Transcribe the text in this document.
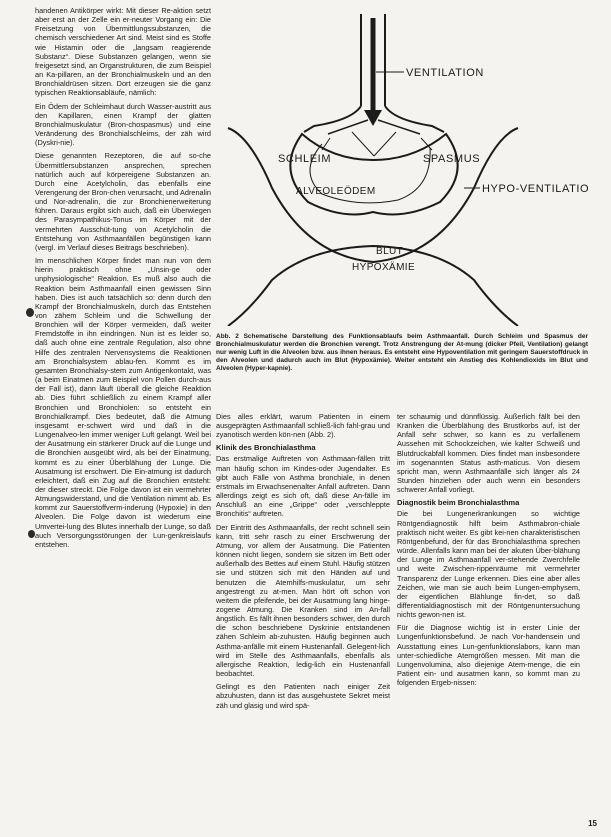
handenen Antikörper wirkt: Mit dieser Re-aktion setzt aber erst an der Zelle ein er-neuter Vorgang ein: Die Freisetzung von Übermittlungssubstanzen, die chemisch verschiedener Art sind. Meist sind es Stoffe wie Histamin oder die „langsam reagierende Substanz“. Diese Substanzen gelangen, wenn sie freigesetzt sind, an Organstrukturen, die zum Beispiel an Ka-pillaren, an der Bronchialmuskeln und an den Bronchialdrüsen sitzen. Dort erzeugen sie die ganz typischen Reaktionsabläufe, nämlich:

Ein Ödem der Schleimhaut durch Wasser-austritt aus den Kapillaren, einen Krampf der glatten Bronchialmuskulatur (Bron-chospasmus) und eine Veränderung des Bronchialschleims, der zäh wird (Dyskri-nie).

Diese genannten Rezeptoren, die auf so-che Übermittlersubstanzen ansprechen, sprechen natürlich auch auf körpereigene Substanzen an. Durch eine Acetylcholin, das ebenfalls eine Verengerung der Bron-chen verursacht, und Adrenalin und Nor-adrenalin, die zur Bronchienerweiterung führen. Daraus ergibt sich auch, daß ein Überwiegen des Parasympathikus-Tonus im Körper mit der vermehrten Ausschüt-tung von Acetylcholin die Entstehung von Asthmaanfällen begünstigen kann (vergl. im Verlauf dieses Beitrags beschrieben).

Im menschlichen Körper findet man nun von dem hierin praktisch ohne „Unsin-ge oder unphysiologische“ Reaktion. Es muß also auch die Reaktion beim Asthmaanfall einen gewissen Sinn haben. Dies ist auch tatsächlich so: denn durch den Krampf der Bronchialmuskeln, durch das Entstehen von zähem Schleim und die Schwellung der Bronchien will der Körper vermeiden, daß weiter Fremdstoffe in ihn eindringen. Nun ist es leider so, daß auch ohne eine zentrale Regulation, also ohne Hilfe des zentralen Nervensystems die Reaktionen am Bronchialsystem ablau-fen. Kommt es im gesamten Bronchialsy-stem zum Antigenkontakt, was (a beim Einatmen zum Beispiel von Pollen durch-aus der Fall ist), dann läuft überall die gleiche Reaktion ab. Dies führt schließlich zu einem Krampf aller Bronchien und Bronchiolen: so entsteht ein Bronchialkrampf. Dies bedeutet, daß die Atmung insgesamt er-schwert wird und daß in die Lungenalveo-len immer weniger Luft gelangt. Weil bei der Ausatmung ein stärkerer Druck auf die Lunge und die Bronchien ausgeübt wird, als bei der Einatmung, kommt es zu einer Überblähung der Lunge. Die Ausatmung ist erschwert. Die Ein-atmung ist dadurch erleichtert, daß ein Zug auf die Bronchien entsteht: der dieser streckt. Die Folge davon ist ein vermehrter Atmungswiderstand, und die Ventilation nimmt ab. Es kommt zur Sauerstoffverm-inderung (Hypoxie) in den Alveolen. Die Folge davon ist wiederum eine Umvertei-lung des Blutes innerhalb der Lunge, so daß auch Versorgungsstörungen der Lun-genkreislaufs entstehen.

VENTILATION
SCHLEIM	SPASMUS
ALVEOLE ÖDEM	HYPO-VENTILATION
BLUT
HYPOXÄMIE

Abb. 2 Schematische Darstellung des Funktionsablaufs beim Asthmaanfall. Durch Schleim und Spasmus der Bronchialmuskulatur werden die Bronchien verengt. Trotz Anstrengung der At-mung (dicker Pfeil, Ventilation) gelangt nur wenig Luft in die Alveolen bzw. aus ihnen heraus. Es entsteht eine Hypoventilation mit geringem Sauerstoffdruck in den Alveolen und dadurch auch im Blut (Hypoxämie). Weiter entsteht ein Anstieg des Kohlendioxids im Blut und Alveolen (Hyper-kapnie).

Dies alles erklärt, warum Patienten in einem ausgeprägten Asthmaanfall schließ-lich fahl-grau und zyanotisch werden kön-nen (Abb. 2).

Klinik des Bronchialasthma

Das erstmalige Auftreten von Asthmaan-fällen tritt man häufig schon im Kindes-oder Jugendalter. Es gibt auch Fälle von Asthma bronchiale, in denen erstmals im Erwachsenenalter Anfall auftreten. Dann allerdings zeigt es sich oft, daß diese An-fälle im Anschluß an eine „Grippe“ oder „verschleppte Bronchitis“ auftreten.

Der Eintritt des Asthmaanfalls, der recht schnell sein kann, tritt sehr rasch zu einer Erschwerung der Atmung, vor allem der Ausatmung. Die Patienten können nicht liegen, sondern sie sitzen im Bett oder außerhalb des Bettes auf einem Stuhl. Häufig stützen sie und stützen sich mit den Händen auf und benutzen die Atemhilfs-muskulatur, um sehr angestrengt zu at-men. Man hört oft schon von weitem die pfeifende, bei der Ausatmung lang hinge-zogene Atmung. Die Kranken sind im An-fall ängstlich. Es fällt ihnen besonders schwer, den durch die schon beschriebene Dyskrinie entstandenen zähen Schleim ab-zuhusten. Häufig beginnen auch Asthma-anfälle mit einem Hustenanfall. Gelegent-lich wird im Stelle des Asthmaanfalls, ebenfalls als allergische Reaktion, ledig-lich ein Hustenanfall beobachtet.

Gelingt es den Patienten nach einiger Zeit abzuhusten, dann ist das ausgehustete Sekret meist zäh und glasig und wird spä-

ter schaumig und dünnflüssig. Äußerlich fällt bei den Kranken die Überblähung des Brustkorbs auf, ist der Anfall sehr schwer, so kann es zu verfallenem Aussehen mit Schockzeichen, wie kalter Schweiß und Blutdruckabfall kommen. Dies findet man insbesondere im sogenannten Status asth-maticus. Von diesem spricht man, wenn Asthmaanfälle sich länger als 24 Stunden hinziehen oder auch wenn ein besonders schwerer Anfall vorliegt.

Diagnostik beim Bronchialasthma

Die bei Lungenerkrankungen so wichtige Röntgendiagnostik hilft beim Asthmabron-chiale praktisch nicht weiter. Es gibt kei-nen charakteristischen Röntgenbefund, der für das Bronchialasthma sprechen würde. Allenfalls kann man bei der akuten Über-blähung der Lunge im Asthmaanfall ver-stehende Zwerchfelle und weite Zwischen-rippenräume mit vermehrter Transparenz der Lunge erkennen. Dies eine aber alles Zeichen, wie man sie auch beim Lungen-emphysem, der eigentlichen Blählunge fin-det, so daß differentialdiagnostisch mit der Röntgenuntersuchung nichts gewon-nen ist.

Für die Diagnose wichtig ist in erster Linie der Lungenfunktionsbefund. Je nach Vor-handensein und Ausstattung eines Lun-genfunktionslabors, kann man unter-schiedliche Atemgrößen messen. Mit man die Lungenvolumina, also diejenige Atem-menge, die ein Patient ein- und ausatmen kann, so kommt man zu folgenden Ergeb-nissen:

15
